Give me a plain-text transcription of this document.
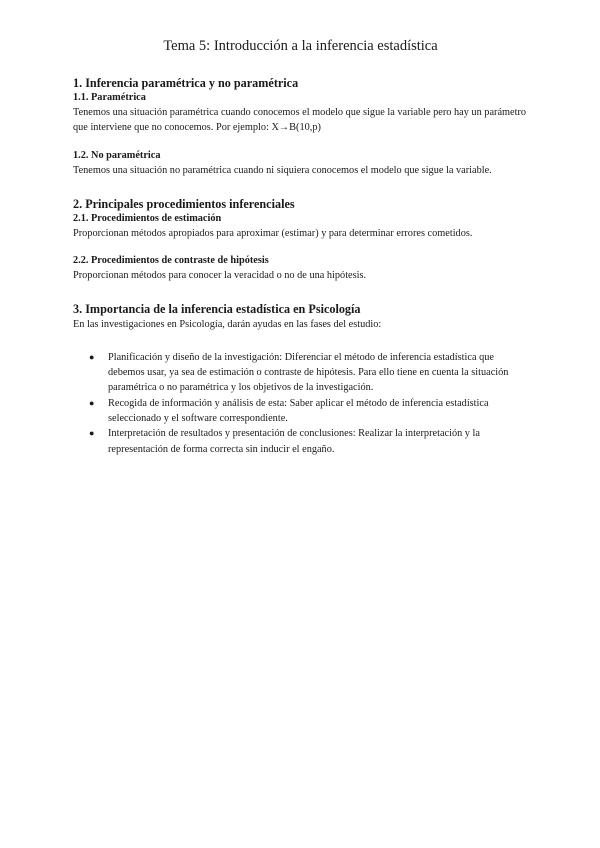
Tema 5: Introducción a la inferencia estadística
1. Inferencia paramétrica y no paramétrica
1.1. Paramétrica

Tenemos una situación paramétrica cuando conocemos el modelo que sigue la variable pero hay un parámetro que interviene que no conocemos. Por ejemplo: X→B(10,p)

1.2. No paramétrica

Tenemos una situación no paramétrica cuando ni siquiera conocemos el modelo que sigue la variable.

2. Principales procedimientos inferenciales
2.1. Procedimientos de estimación

Proporcionan métodos apropiados para aproximar (estimar) y para determinar errores cometidos.

2.2. Procedimientos de contraste de hipótesis

Proporcionan métodos para conocer la veracidad o no de una hipótesis.

3. Importancia de la inferencia estadística en Psicología

En las investigaciones en Psicología, darán ayudas en las fases del estudio:

● Planificación y diseño de la investigación: Diferenciar el método de inferencia estadística que debemos usar, ya sea de estimación o contraste de hipótesis. Para ello tiene en cuenta la situación paramétrica o no paramétrica y los objetivos de la investigación.
● Recogida de información y análisis de esta: Saber aplicar el método de inferencia estadística seleccionado y el software correspondiente.
● Interpretación de resultados y presentación de conclusiones: Realizar la interpretación y la representación de forma correcta sin inducir el engaño.
